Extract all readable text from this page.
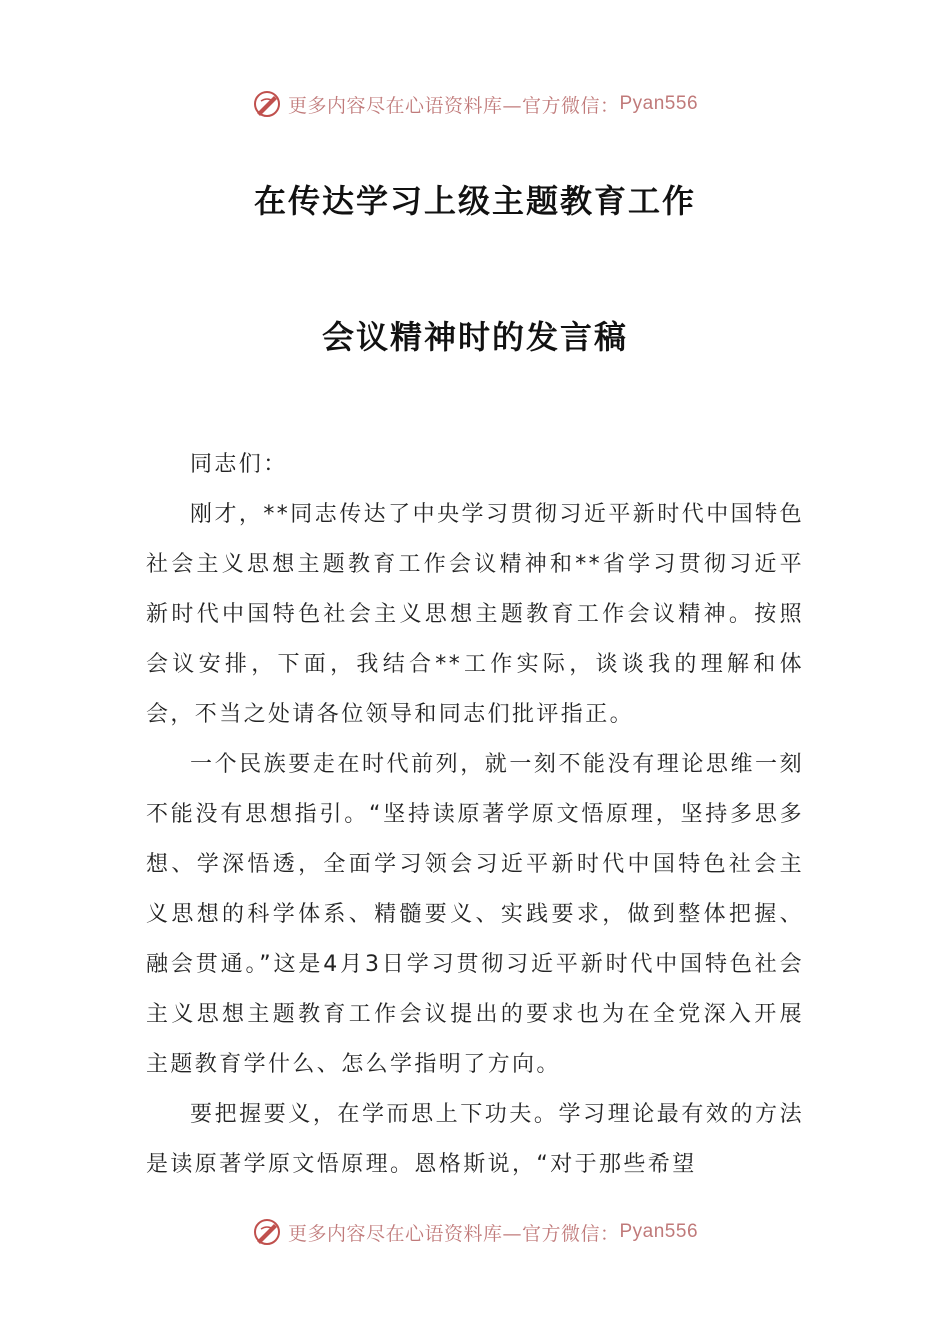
更多内容尽在心语资料库—官方微信： Pyan556
在传达学习上级主题教育工作
会议精神时的发言稿

同志们：

刚才，**同志传达了中央学习贯彻习近平新时代中国特色社会主义思想主题教育工作会议精神和**省学习贯彻习近平新时代中国特色社会主义思想主题教育工作会议精神。按照会议安排，下面，我结合**工作实际，谈谈我的理解和体会，不当之处请各位领导和同志们批评指正。

一个民族要走在时代前列，就一刻不能没有理论思维一刻不能没有思想指引。“坚持读原著学原文悟原理，坚持多思多想、学深悟透，全面学习领会习近平新时代中国特色社会主义思想的科学体系、精髓要义、实践要求，做到整体把握、融会贯通。”这是4月3日学习贯彻习近平新时代中国特色社会主义思想主题教育工作会议提出的要求也为在全党深入开展主题教育学什么、怎么学指明了方向。

要把握要义，在学而思上下功夫。学习理论最有效的方法是读原著学原文悟原理。恩格斯说，“对于那些希望

更多内容尽在心语资料库—官方微信： Pyan556
